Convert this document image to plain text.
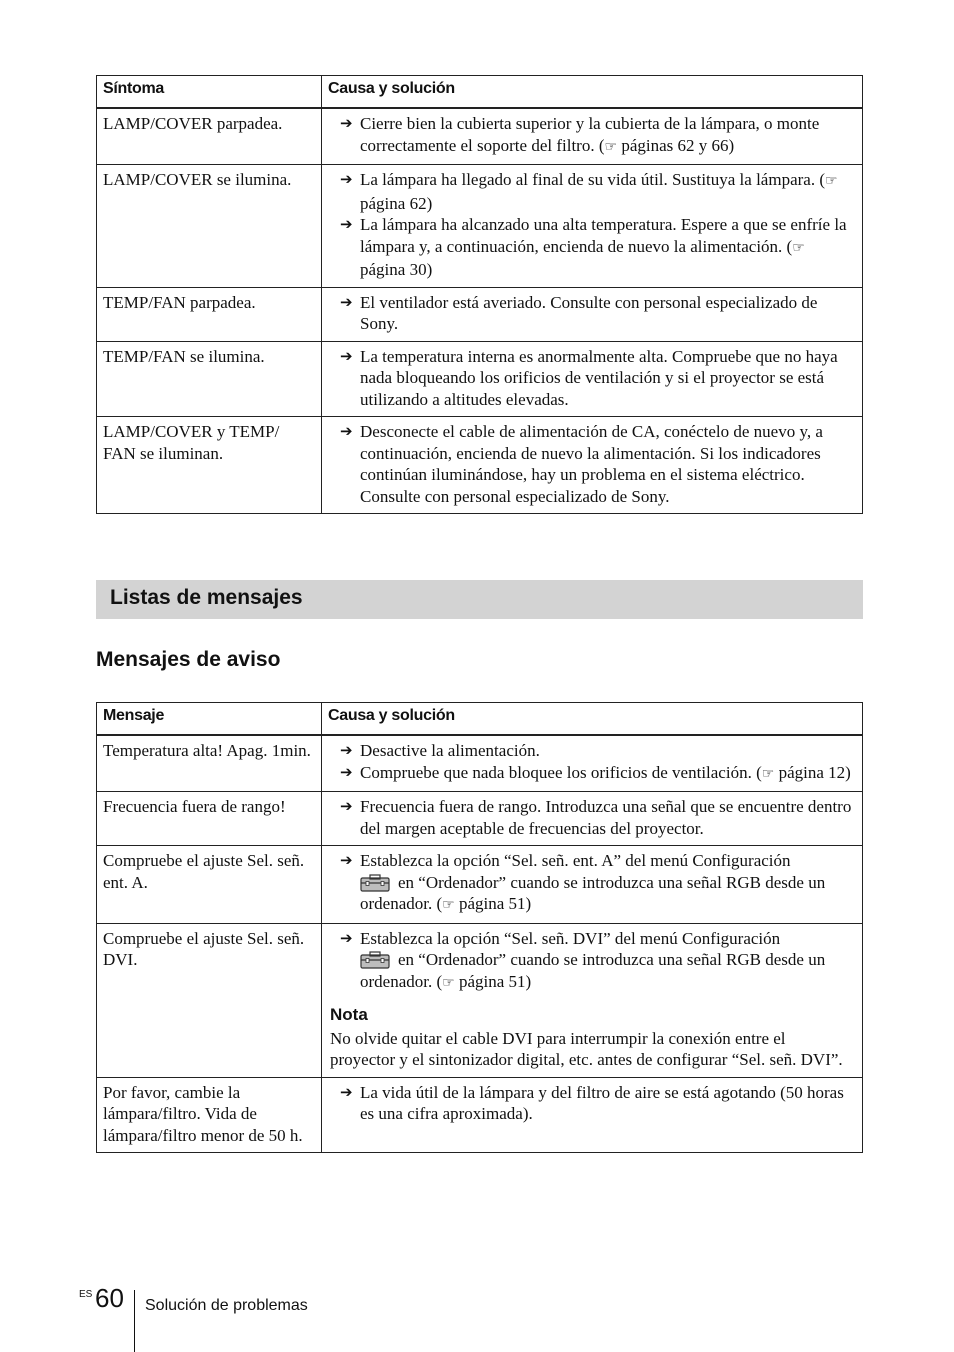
Síntoma	Causa y solución
LAMP/COVER parpadea.	➔ Cierre bien la cubierta superior y la cubierta de la lámpara, o monte correctamente el soporte del filtro. (☞ páginas 62 y 66)

LAMP/COVER se ilumina.	➔ La lámpara ha llegado al final de su vida útil. Sustituya la lámpara. (☞ página 62)
➔ La lámpara ha alcanzado una alta temperatura. Espere a que se enfríe la lámpara y, a continuación, encienda de nuevo la alimentación. (☞ página 30)

TEMP/FAN parpadea.	➔ El ventilador está averiado. Consulte con personal especializado de Sony.

TEMP/FAN se ilumina.	➔ La temperatura interna es anormalmente alta. Compruebe que no haya nada bloqueando los orificios de ventilación y si el proyector se está utilizando a altitudes elevadas.

LAMP/COVER y TEMP/ FAN se iluminan.	➔ Desconecte el cable de alimentación de CA, conéctelo de nuevo y, a continuación, encienda de nuevo la alimentación. Si los indicadores continúan iluminándose, hay un problema en el sistema eléctrico. Consulte con personal especializado de Sony.
Listas de mensajes
Mensajes de aviso
Mensaje	Causa y solución
Temperatura alta! Apag. 1min.	➔ Desactive la alimentación.
➔ Compruebe que nada bloquee los orificios de ventilación. (☞ página 12)

Frecuencia fuera de rango!	➔ Frecuencia fuera de rango. Introduzca una señal que se encuentre dentro del margen aceptable de frecuencias del proyector.

Compruebe el ajuste Sel. señ. ent. A.	➔ Establezca la opción “Sel. señ. ent. A” del menú Configuración
en “Ordenador” cuando se introduzca una señal RGB desde un ordenador. (☞ página 51)

Compruebe el ajuste Sel. señ. DVI.	➔ Establezca la opción “Sel. señ. DVI” del menú Configuración
en “Ordenador” cuando se introduzca una señal RGB desde un ordenador. (☞ página 51)
Nota
No olvide quitar el cable DVI para interrumpir la conexión entre el proyector y el sintonizador digital, etc. antes de configurar “Sel. señ. DVI”.

Por favor, cambie la lámpara/filtro. Vida de lámpara/filtro menor de 50 h.	➔ La vida útil de la lámpara y del filtro de aire se está agotando (50 horas es una cifra aproximada).
ES 60 Solución de problemas
